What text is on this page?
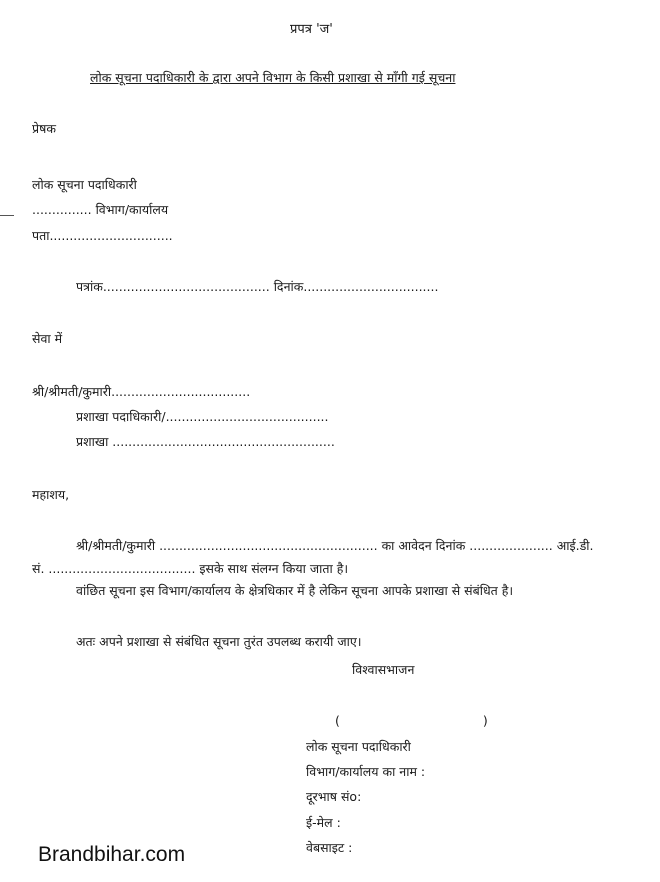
प्रपत्र 'ज'
लोक सूचना पदाधिकारी के द्वारा अपने विभाग के किसी प्रशाखा से माँगी गई सूचना
प्रेषक
लोक सूचना पदाधिकारी
............... विभाग/कार्यालय
पता...............................
पत्रांक.......................................... दिनांक..................................
सेवा में
श्री/श्रीमती/कुमारी...................................
प्रशाखा पदाधिकारी/.........................................
प्रशाखा ........................................................
महाशय,
श्री/श्रीमती/कुमारी ....................................................... का आवेदन दिनांक ..................... आई.डी.
सं. ..................................... इसके साथ संलग्न किया जाता है।
वांछित सूचना इस विभाग/कार्यालय के क्षेत्रधिकार में है लेकिन सूचना आपके प्रशाखा से संबंधित है।
अतः अपने प्रशाखा से संबंधित सूचना तुरंत उपलब्ध करायी जाए।
विश्वासभाजन
(                                    )
लोक सूचना पदाधिकारी
विभाग/कार्यालय का नाम :
दूरभाष संo:
ई-मेल :
वेबसाइट :
Brandbihar.com
